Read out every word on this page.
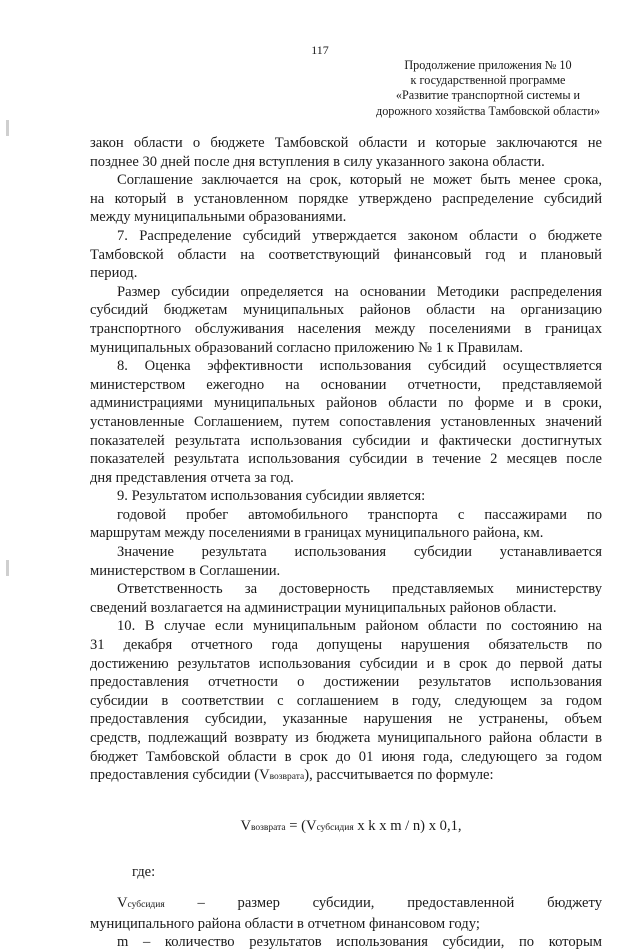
117
Продолжение приложения № 10
к государственной программе
«Развитие транспортной системы и
дорожного хозяйства Тамбовской области»

закон области о бюджете Тамбовской области и которые заключаются не

позднее 30 дней после дня вступления в силу указанного закона области.

Соглашение заключается на срок, который не может быть менее срока,

на который в установленном порядке утверждено распределение субсидий

между муниципальными образованиями.

7. Распределение субсидий утверждается законом области о бюджете

Тамбовской области на соответствующий финансовый год и плановый

период.

Размер субсидии определяется на основании Методики распределения

субсидий бюджетам муниципальных районов области на организацию

транспортного обслуживания населения между поселениями в границах

муниципальных образований согласно приложению № 1 к Правилам.

8. Оценка эффективности использования субсидий осуществляется

министерством ежегодно на основании отчетности, представляемой

администрациями муниципальных районов области по форме и в сроки,

установленные Соглашением, путем сопоставления установленных значений

показателей результата использования субсидии и фактически достигнутых

показателей результата использования субсидии в течение 2 месяцев после

дня представления отчета за год.

9. Результатом использования субсидии является:

годовой пробег автомобильного транспорта с пассажирами по

маршрутам между поселениями в границах муниципального района, км.

Значение результата использования субсидии устанавливается

министерством в Соглашении.

Ответственность за достоверность представляемых министерству

сведений возлагается на администрации муниципальных районов области.

10. В случае если муниципальным районом области по состоянию на

31 декабря отчетного года допущены нарушения обязательств по

достижению результатов использования субсидии и в срок до первой даты

предоставления отчетности о достижении результатов использования

субсидии в соответствии с соглашением в году, следующем за годом

предоставления субсидии, указанные нарушения не устранены, объем

средств, подлежащий возврату из бюджета муниципального района области в

бюджет Тамбовской области в срок до 01 июня года, следующего за годом

предоставления субсидии (Vвозврата), рассчитывается по формуле:

Vвозврата = (Vсубсидия x k x m / n) x 0,1,
где:

Vсубсидия – размер субсидии, предоставленной бюджету

муниципального района области в отчетном финансовом году;

m – количество результатов использования субсидии, по которым
